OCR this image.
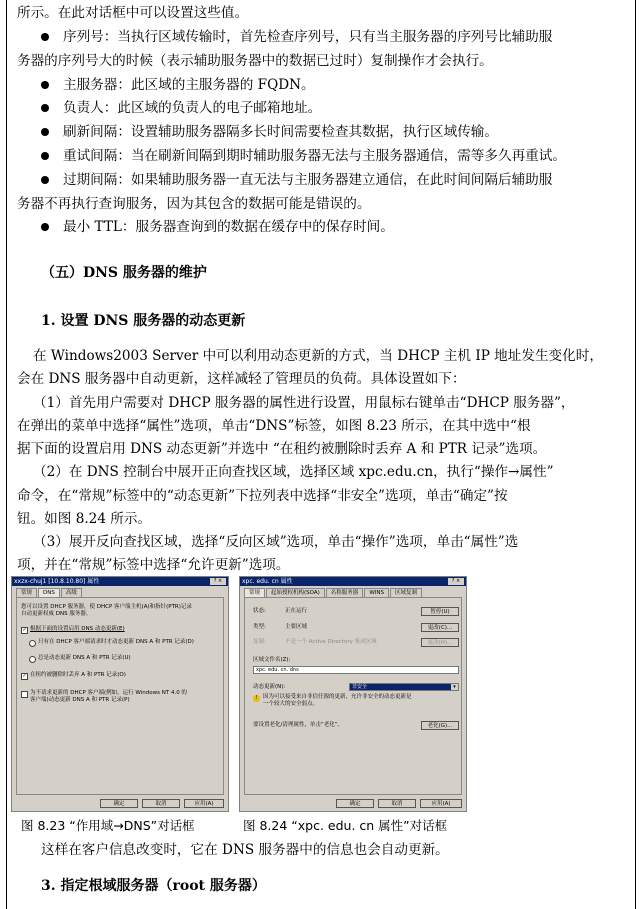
所示。在此对话框中可以设置这些值。
序列号：当执行区域传输时，首先检查序列号，只有当主服务器的序列号比辅助服
务器的序列号大的时候（表示辅助服务器中的数据已过时）复制操作才会执行。
主服务器：此区域的主服务器的 FQDN。
负责人：此区域的负责人的电子邮箱地址。
刷新间隔：设置辅助服务器隔多长时间需要检查其数据，执行区域传输。
重试间隔：当在刷新间隔到期时辅助服务器无法与主服务器通信，需等多久再重试。
过期间隔：如果辅助服务器一直无法与主服务器建立通信，在此时间间隔后辅助服
务器不再执行查询服务，因为其包含的数据可能是错误的。
最小 TTL：服务器查询到的数据在缓存中的保存时间。
（五）DNS 服务器的维护
1. 设置 DNS 服务器的动态更新
在 Windows2003 Server 中可以利用动态更新的方式，当 DHCP 主机 IP 地址发生变化时，
会在 DNS 服务器中自动更新，这样减轻了管理员的负荷。具体设置如下：
（1）首先用户需要对 DHCP 服务器的属性进行设置，用鼠标右键单击“DHCP 服务器”，
在弹出的菜单中选择“属性”选项，单击“DNS”标签，如图 8.23 所示，在其中选中“根
据下面的设置启用 DNS 动态更新”并选中 “在租约被删除时丢弃 A 和 PTR 记录”选项。
（2）在 DNS 控制台中展开正向查找区域，选择区域 xpc.edu.cn，执行“操作→属性”
命令，在“常规”标签中的“动态更新”下拉列表中选择“非安全”选项，单击“确定”按
钮。如图 8.24 所示。
（3）展开反向查找区域，选择“反向区域”选项，单击“操作”选项，单击“属性”选
项，并在“常规”标签中选择“允许更新”选项。
xxzx-chuj1 [10.8.10.80] 属性	? ×
常规 DNS 高级
您可以设置 DHCP 服务器，使 DHCP 客户端主机(A)和指针(PTR)记录
自动更新权威 DNS 服务器。
✓ 根据下面的设置启用 DNS 动态更新(E)
只有在 DHCP 客户端请求时才动态更新 DNS A 和 PTR 记录(D)
总是动态更新 DNS A 和 PTR 记录(U)
✓ 在租约被删除时丢弃 A 和 PTR 记录(O)
为不请求更新的 DHCP 客户端(例如，运行 Windows NT 4.0 的
客户端)动态更新 DNS A 和 PTR 记录(P)
确定	取消	应用(A)
xpc. edu. cn 属性	? ×
常规 起始授权机构(SOA) 名称服务器 WINS 区域复制
状态:	正在运行	暂停(U)
类型:	主要区域	更改(C)...
复制:	不是一个 Active Directory 集成区域	更改(H)...
区域文件名(Z):
xpc. edu. cn. dns
动态更新(N):	非安全	▾
!	因为可以接受来自非信任源的更新，允许非安全的动态更新是
一个较大的安全弱点。
要设置老化/清理属性，单击“老化”。	老化(G)...
确定	取消	应用(A)
图 8.23 “作用域→DNS”对话框	图 8.24 “xpc. edu. cn 属性”对话框
这样在客户信息改变时，它在 DNS 服务器中的信息也会自动更新。
3. 指定根域服务器（root 服务器）
